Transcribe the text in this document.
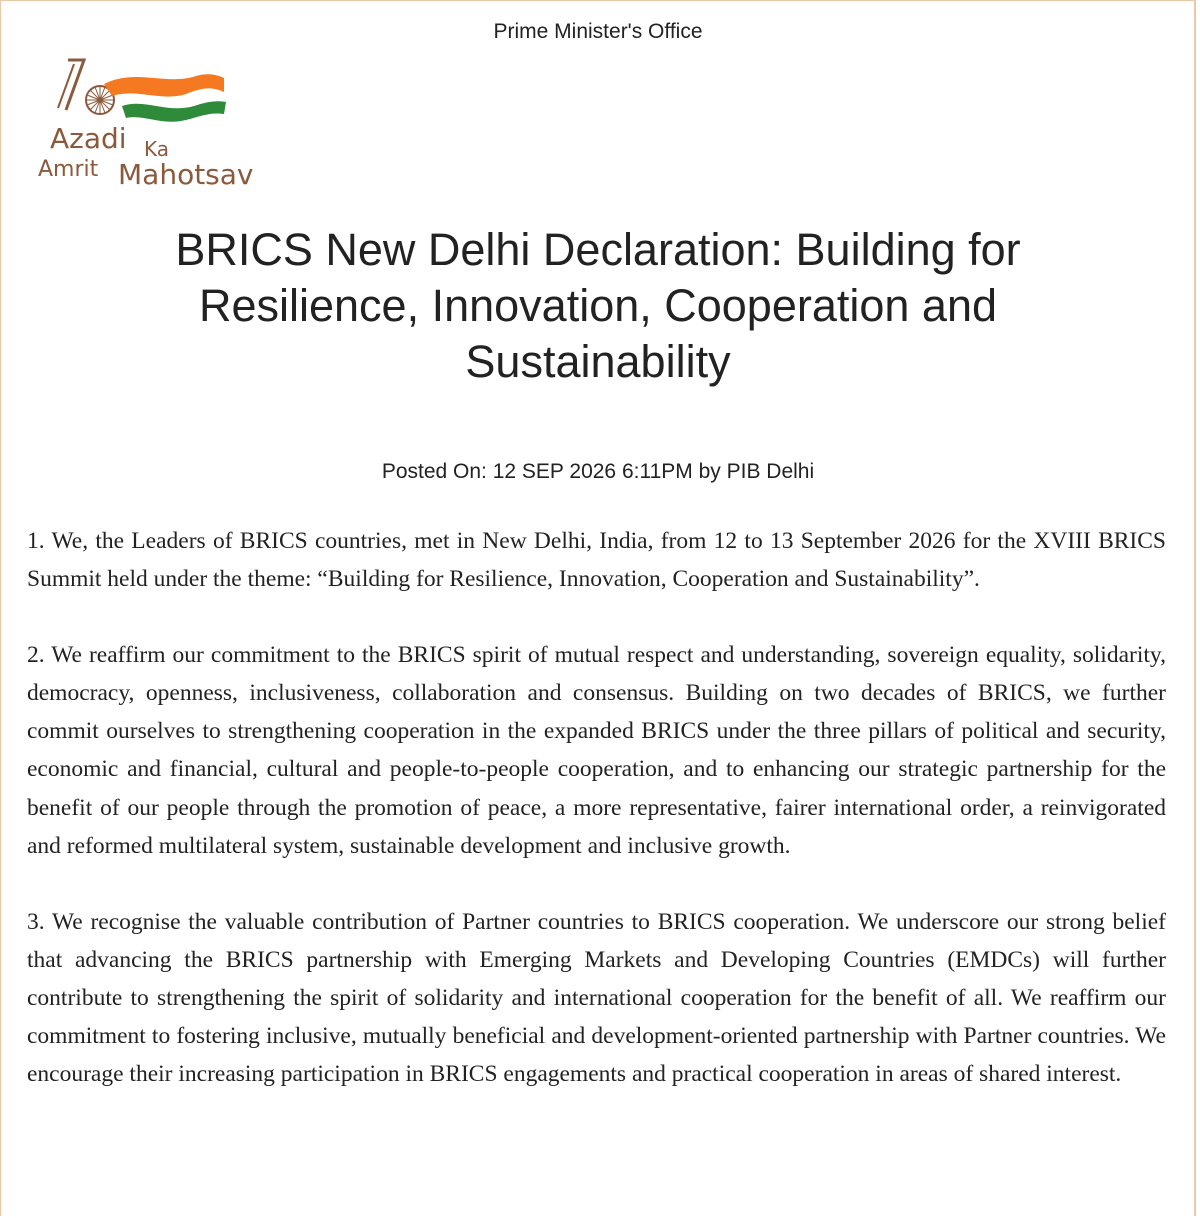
Prime Minister's Office
Azadi Ka
Amrit Mahotsav
BRICS New Delhi Declaration: Building for
Resilience, Innovation, Cooperation and
Sustainability
Posted On: 12 SEP 2026 6:11PM by PIB Delhi

1. We, the Leaders of BRICS countries, met in New Delhi, India, from 12 to 13 September 2026 for the XVIII BRICS Summit held under the theme: “Building for Resilience, Innovation, Cooperation and Sustainability”.

2. We reaffirm our commitment to the BRICS spirit of mutual respect and understanding, sovereign equality, solidarity, democracy, openness, inclusiveness, collaboration and consensus. Building on two decades of BRICS, we further commit ourselves to strengthening cooperation in the expanded BRICS under the three pillars of political and security, economic and financial, cultural and people-to-people cooperation, and to enhancing our strategic partnership for the benefit of our people through the promotion of peace, a more representative, fairer international order, a reinvigorated and reformed multilateral system, sustainable development and inclusive growth.

3. We recognise the valuable contribution of Partner countries to BRICS cooperation. We underscore our strong belief that advancing the BRICS partnership with Emerging Markets and Developing Countries (EMDCs) will further contribute to strengthening the spirit of solidarity and international cooperation for the benefit of all. We reaffirm our commitment to fostering inclusive, mutually beneficial and development-oriented partnership with Partner countries. We encourage their increasing participation in BRICS engagements and practical cooperation in areas of shared interest.
